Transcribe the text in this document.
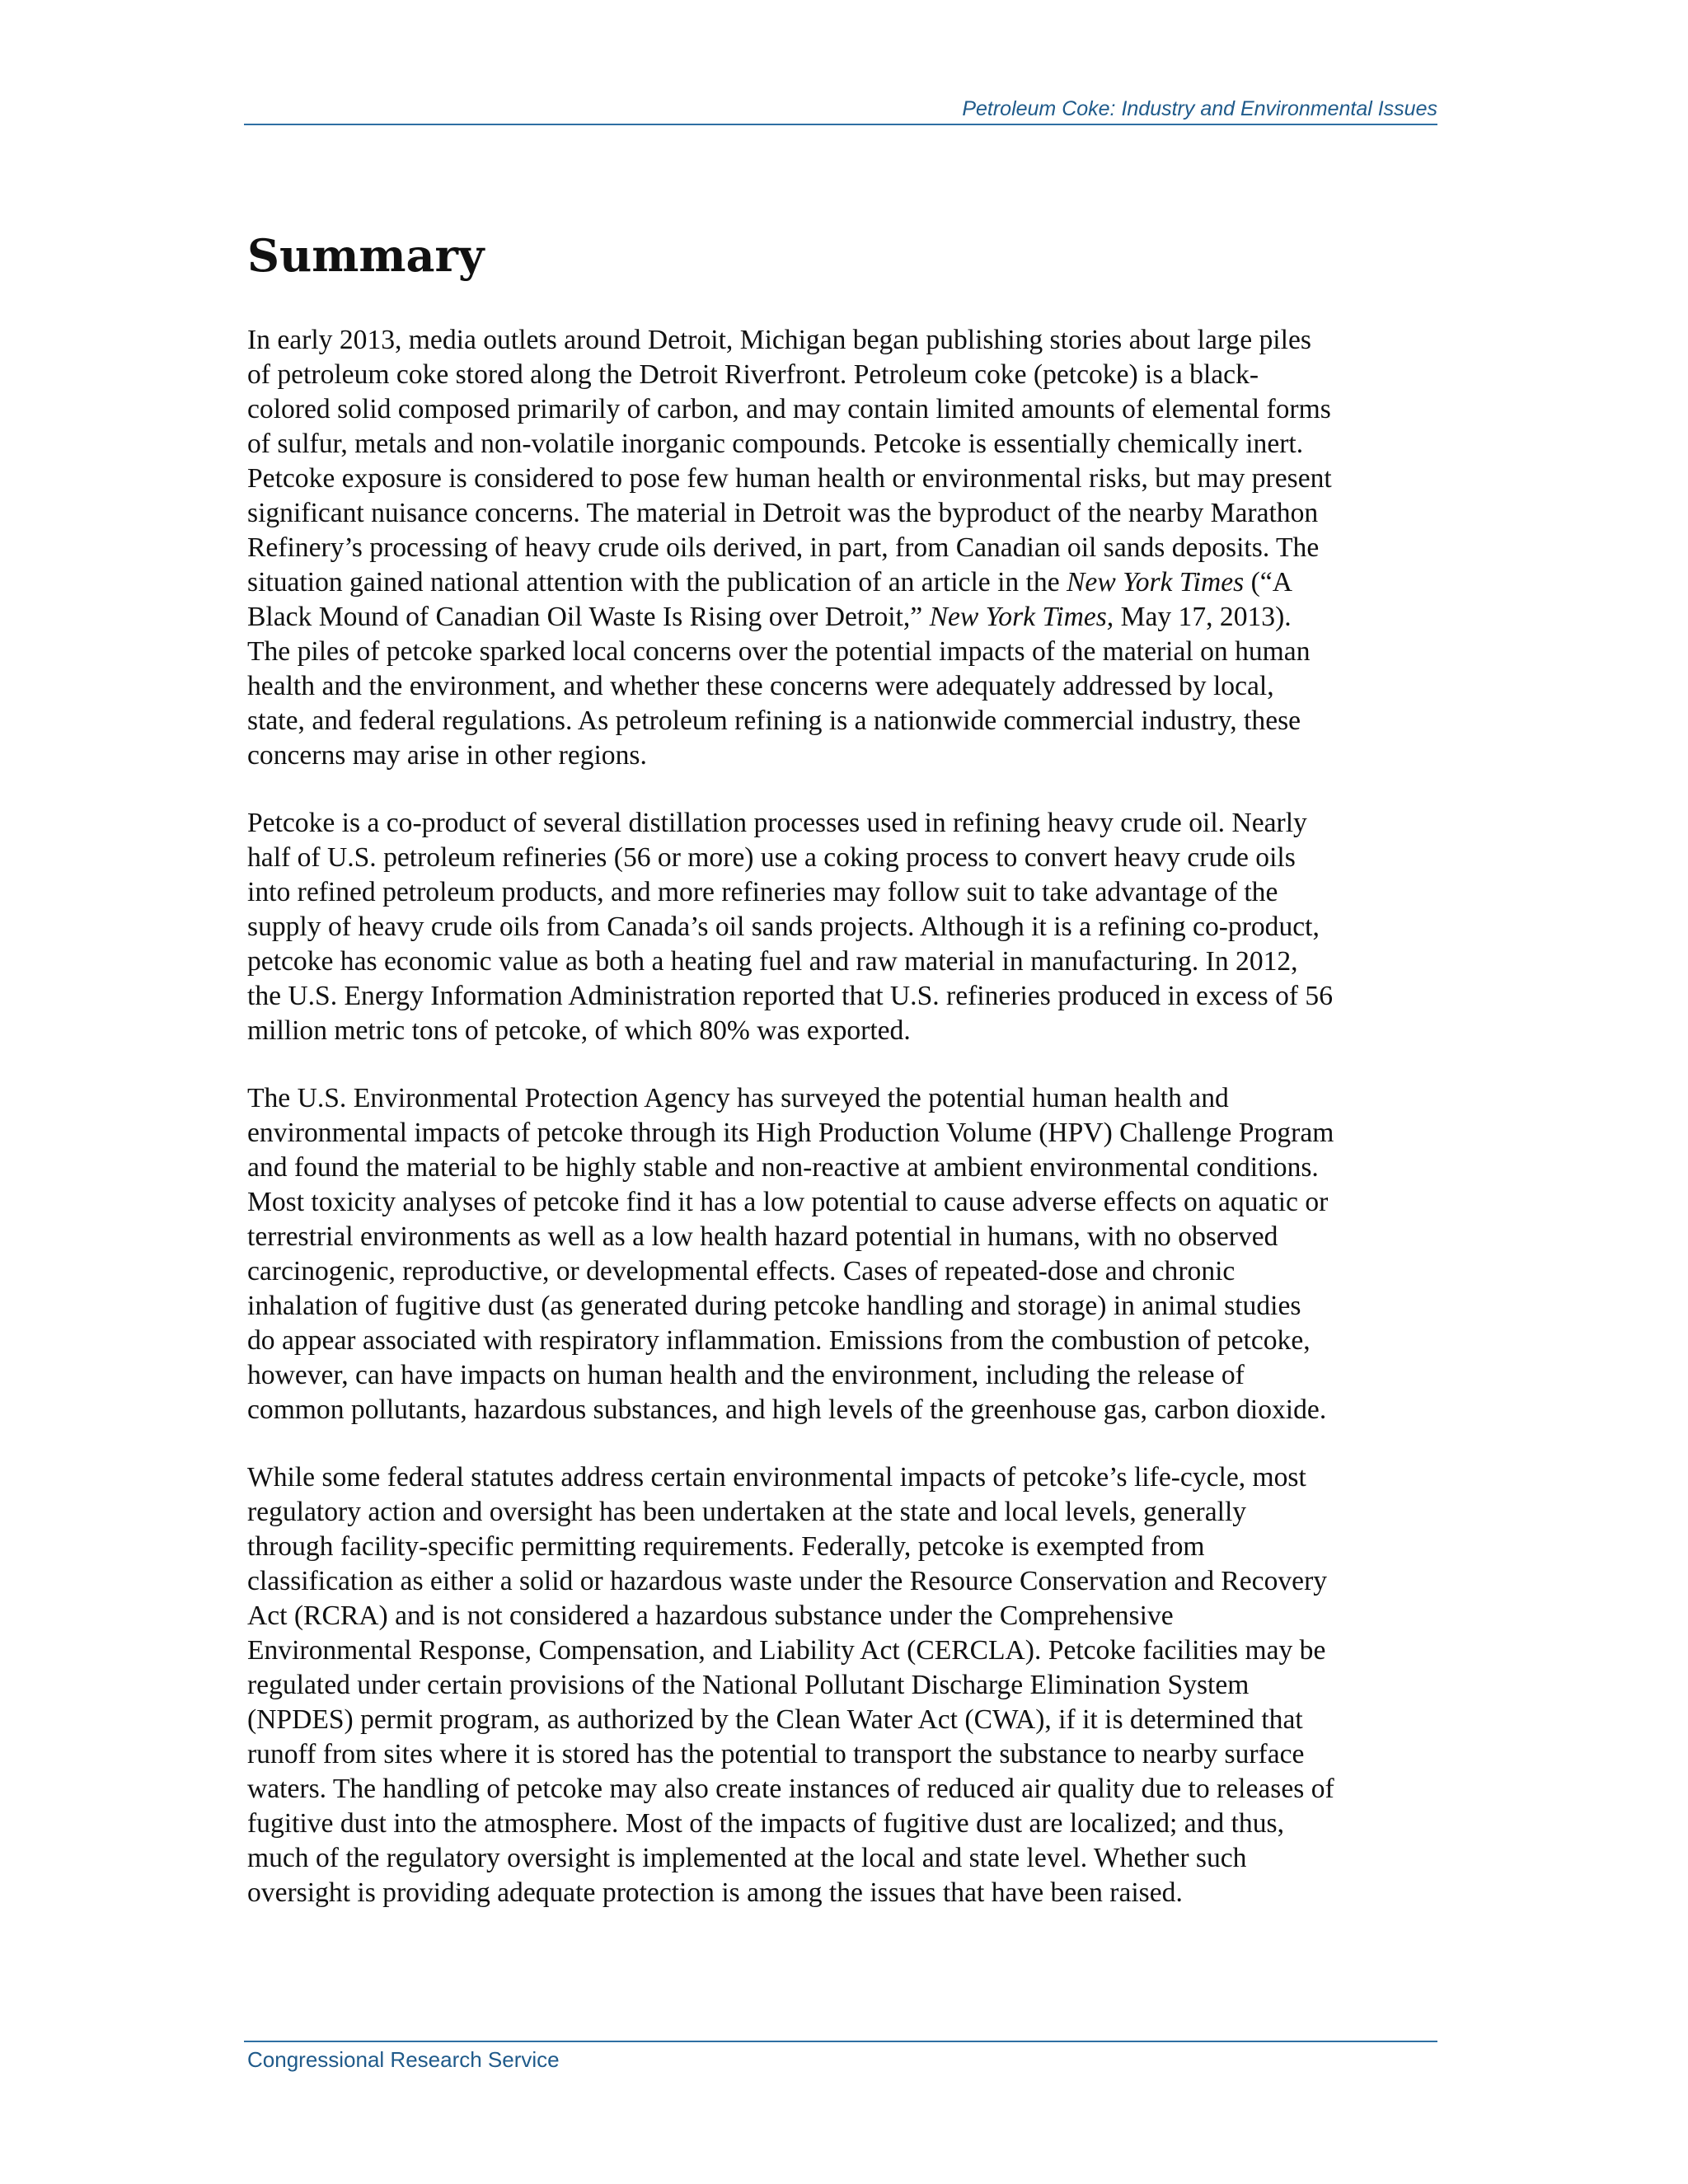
Petroleum Coke: Industry and Environmental Issues
Summary

In early 2013, media outlets around Detroit, Michigan began publishing stories about large piles
of petroleum coke stored along the Detroit Riverfront. Petroleum coke (petcoke) is a black-
colored solid composed primarily of carbon, and may contain limited amounts of elemental forms
of sulfur, metals and non-volatile inorganic compounds. Petcoke is essentially chemically inert.
Petcoke exposure is considered to pose few human health or environmental risks, but may present
significant nuisance concerns. The material in Detroit was the byproduct of the nearby Marathon
Refinery’s processing of heavy crude oils derived, in part, from Canadian oil sands deposits. The
situation gained national attention with the publication of an article in the New York Times (“A
Black Mound of Canadian Oil Waste Is Rising over Detroit,” New York Times, May 17, 2013).
The piles of petcoke sparked local concerns over the potential impacts of the material on human
health and the environment, and whether these concerns were adequately addressed by local,
state, and federal regulations. As petroleum refining is a nationwide commercial industry, these
concerns may arise in other regions.

Petcoke is a co-product of several distillation processes used in refining heavy crude oil. Nearly
half of U.S. petroleum refineries (56 or more) use a coking process to convert heavy crude oils
into refined petroleum products, and more refineries may follow suit to take advantage of the
supply of heavy crude oils from Canada’s oil sands projects. Although it is a refining co-product,
petcoke has economic value as both a heating fuel and raw material in manufacturing. In 2012,
the U.S. Energy Information Administration reported that U.S. refineries produced in excess of 56
million metric tons of petcoke, of which 80% was exported.

The U.S. Environmental Protection Agency has surveyed the potential human health and
environmental impacts of petcoke through its High Production Volume (HPV) Challenge Program
and found the material to be highly stable and non-reactive at ambient environmental conditions.
Most toxicity analyses of petcoke find it has a low potential to cause adverse effects on aquatic or
terrestrial environments as well as a low health hazard potential in humans, with no observed
carcinogenic, reproductive, or developmental effects. Cases of repeated-dose and chronic
inhalation of fugitive dust (as generated during petcoke handling and storage) in animal studies
do appear associated with respiratory inflammation. Emissions from the combustion of petcoke,
however, can have impacts on human health and the environment, including the release of
common pollutants, hazardous substances, and high levels of the greenhouse gas, carbon dioxide.

While some federal statutes address certain environmental impacts of petcoke’s life-cycle, most
regulatory action and oversight has been undertaken at the state and local levels, generally
through facility-specific permitting requirements. Federally, petcoke is exempted from
classification as either a solid or hazardous waste under the Resource Conservation and Recovery
Act (RCRA) and is not considered a hazardous substance under the Comprehensive
Environmental Response, Compensation, and Liability Act (CERCLA). Petcoke facilities may be
regulated under certain provisions of the National Pollutant Discharge Elimination System
(NPDES) permit program, as authorized by the Clean Water Act (CWA), if it is determined that
runoff from sites where it is stored has the potential to transport the substance to nearby surface
waters. The handling of petcoke may also create instances of reduced air quality due to releases of
fugitive dust into the atmosphere. Most of the impacts of fugitive dust are localized; and thus,
much of the regulatory oversight is implemented at the local and state level. Whether such
oversight is providing adequate protection is among the issues that have been raised.

Congressional Research Service
